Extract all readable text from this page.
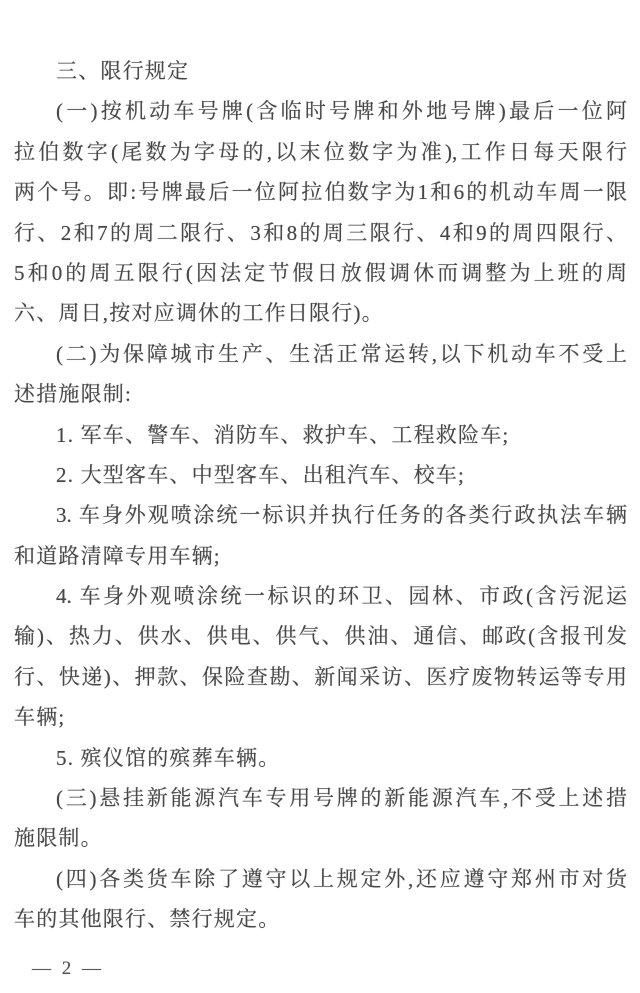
三、限行规定
(一)按机动车号牌(含临时号牌和外地号牌)最后一位阿
拉伯数字(尾数为字母的,以末位数字为准),工作日每天限行
两个号。即:号牌最后一位阿拉伯数字为1和6的机动车周一限
行、2和7的周二限行、3和8的周三限行、4和9的周四限行、
5和0的周五限行(因法定节假日放假调休而调整为上班的周
六、周日,按对应调休的工作日限行)。
(二)为保障城市生产、生活正常运转,以下机动车不受上
述措施限制:
1. 军车、警车、消防车、救护车、工程救险车;
2. 大型客车、中型客车、出租汽车、校车;
3. 车身外观喷涂统一标识并执行任务的各类行政执法车辆
和道路清障专用车辆;
4. 车身外观喷涂统一标识的环卫、园林、市政(含污泥运
输)、热力、供水、供电、供气、供油、通信、邮政(含报刊发
行、快递)、押款、保险查勘、新闻采访、医疗废物转运等专用
车辆;
5. 殡仪馆的殡葬车辆。
(三)悬挂新能源汽车专用号牌的新能源汽车,不受上述措
施限制。
(四)各类货车除了遵守以上规定外,还应遵守郑州市对货
车的其他限行、禁行规定。
— 2 —
